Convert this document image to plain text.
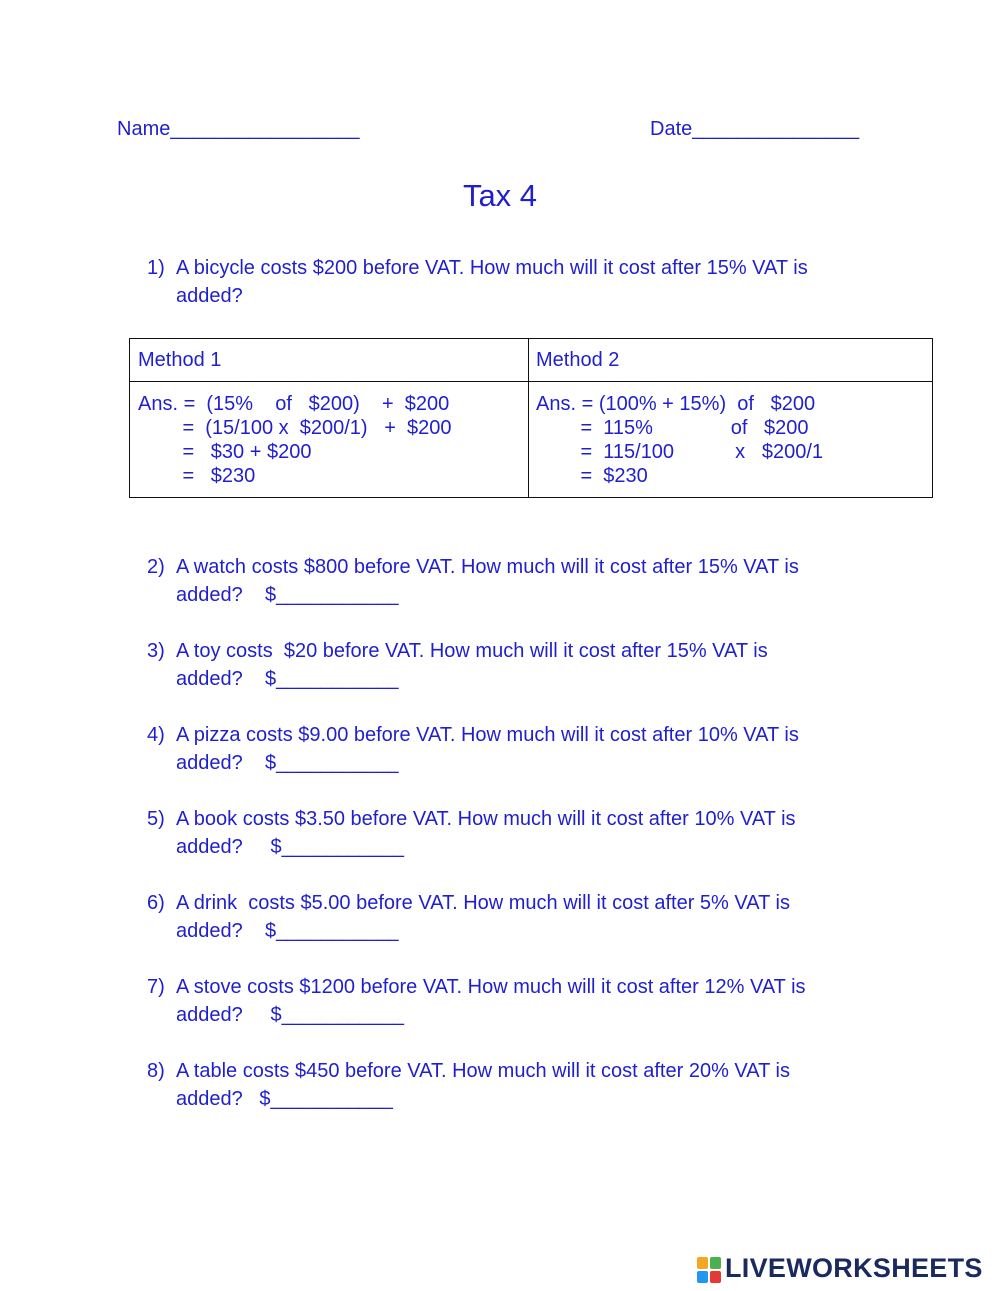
Name_________________	Date_______________
Tax 4
1) A bicycle costs $200 before VAT. How much will it cost after 15% VAT is
added?
Method 1	Method 2
Ans. =  (15%    of   $200)    +  $200
=  (15/100 x  $200/1)   +  $200
=   $30 + $200
=   $230
Ans. = (100% + 15%)  of   $200
=  115%              of   $200
=  115/100           x   $200/1
=  $230
2) A watch costs $800 before VAT. How much will it cost after 15% VAT is
added?    $___________
3) A toy costs  $20 before VAT. How much will it cost after 15% VAT is
added?    $___________
4) A pizza costs $9.00 before VAT. How much will it cost after 10% VAT is
added?    $___________
5) A book costs $3.50 before VAT. How much will it cost after 10% VAT is
added?     $___________
6) A drink  costs $5.00 before VAT. How much will it cost after 5% VAT is
added?    $___________
7) A stove costs $1200 before VAT. How much will it cost after 12% VAT is
added?     $___________
8) A table costs $450 before VAT. How much will it cost after 20% VAT is
added?   $___________
LIVEWORKSHEETS
